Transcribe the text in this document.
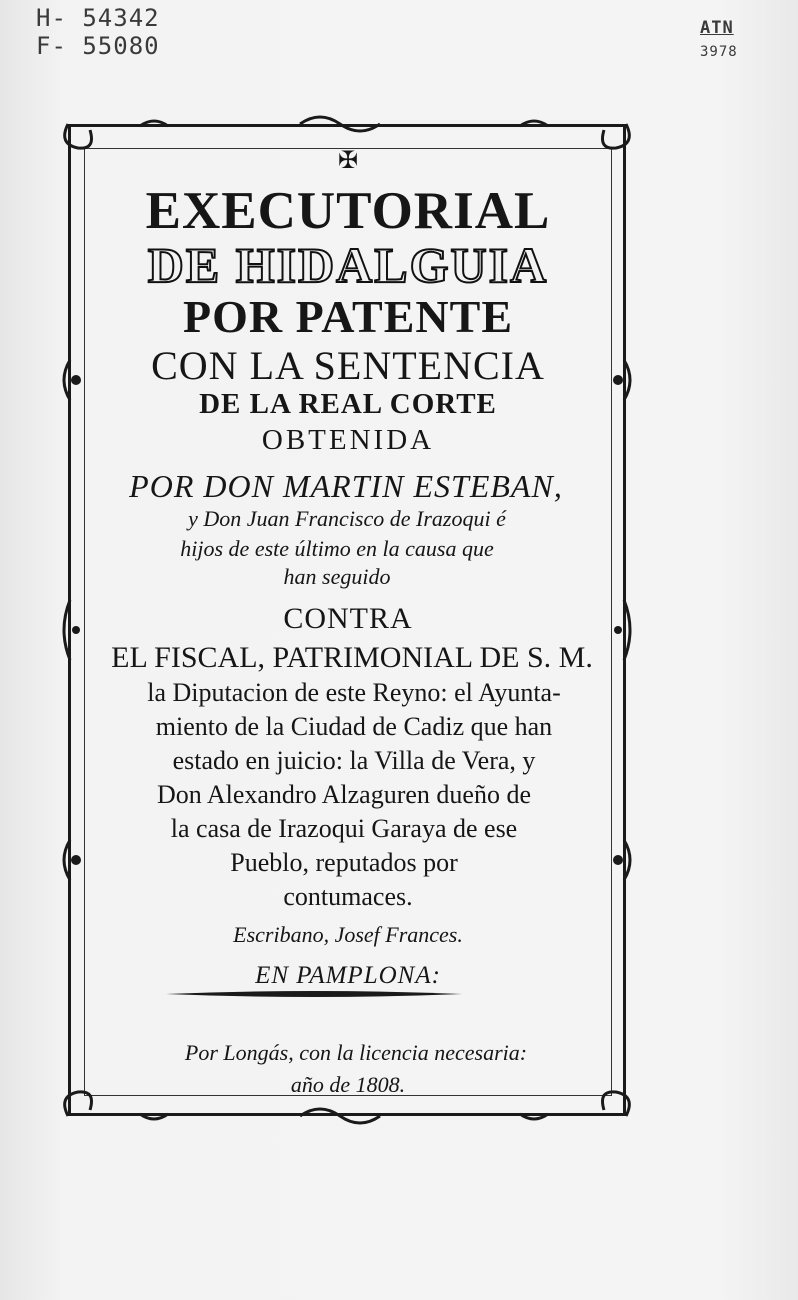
H- 54342
F- 55080
ATN
3978
✠
EXECUTORIAL
DE HIDALGUIA
POR PATENTE
CON LA SENTENCIA
DE LA REAL CORTE
OBTENIDA
POR DON MARTIN ESTEBAN,
y Don Juan Francisco de Irazoqui é
hijos de este último en la causa que
han seguido
CONTRA
EL FISCAL, PATRIMONIAL DE S. M.
la Diputacion de este Reyno: el Ayunta-
miento de la Ciudad de Cadiz que han
estado en juicio: la Villa de Vera, y
Don Alexandro Alzaguren dueño de
la casa de Irazoqui Garaya de ese
Pueblo, reputados por
contumaces.
Escribano, Josef Frances.
EN PAMPLONA:
Por Longás, con la licencia necesaria:
año de 1808.
